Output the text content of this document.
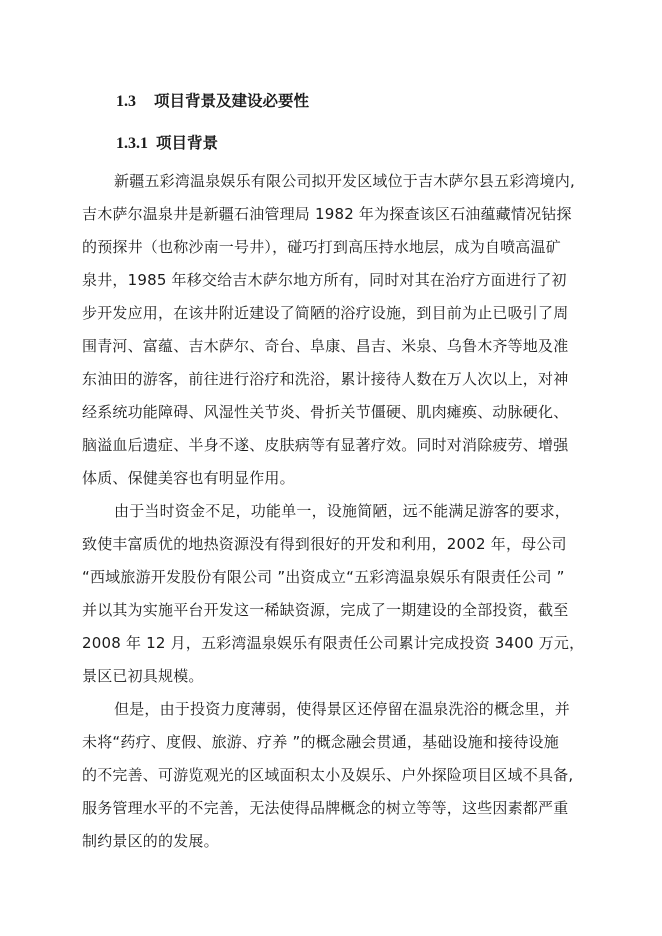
1.3 项目背景及建设必要性
1.3.1 项目背景
新疆五彩湾温泉娱乐有限公司拟开发区域位于吉木萨尔县五彩湾境内,
吉木萨尔温泉井是新疆石油管理局 1982 年为探查该区石油蕴藏情况钻探
的预探井（也称沙南一号井），碰巧打到高压持水地层，成为自喷高温矿
泉井，1985 年移交给吉木萨尔地方所有，同时对其在治疗方面进行了初
步开发应用，在该井附近建设了简陋的浴疗设施，到目前为止已吸引了周
围青河、富蕴、吉木萨尔、奇台、阜康、昌吉、米泉、乌鲁木齐等地及准
东油田的游客，前往进行浴疗和洗浴，累计接待人数在万人次以上，对神
经系统功能障碍、风湿性关节炎、骨折关节僵硬、肌肉瘫痪、动脉硬化、
脑溢血后遗症、半身不遂、皮肤病等有显著疗效。同时对消除疲劳、增强
体质、保健美容也有明显作用。
由于当时资金不足，功能单一，设施简陋，远不能满足游客的要求，
致使丰富质优的地热资源没有得到很好的开发和利用，2002 年，母公司
“西域旅游开发股份有限公司 ”出资成立“五彩湾温泉娱乐有限责任公司 ”
并以其为实施平台开发这一稀缺资源，完成了一期建设的全部投资，截至
2008 年 12 月，五彩湾温泉娱乐有限责任公司累计完成投资 3400 万元，
景区已初具规模。
但是，由于投资力度薄弱，使得景区还停留在温泉洗浴的概念里，并
未将“药疗、度假、旅游、疗养 ”的概念融会贯通，基础设施和接待设施
的不完善、可游览观光的区域面积太小及娱乐、户外探险项目区域不具备,
服务管理水平的不完善，无法使得品牌概念的树立等等，这些因素都严重
制约景区的的发展。
